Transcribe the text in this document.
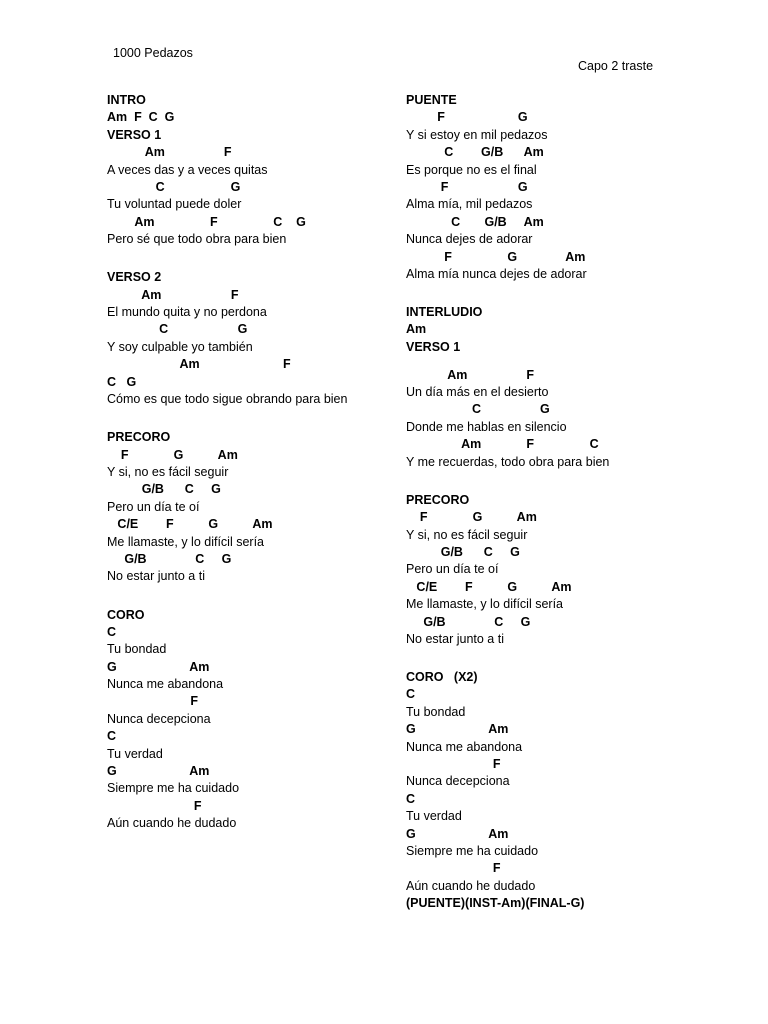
1000 Pedazos
Capo 2 traste
INTRO
Am  F  C  G
VERSO 1
Am                 F
A veces das y a veces quitas
C                   G
Tu voluntad puede doler
Am                F                C    G
Pero sé que todo obra para bien
VERSO 2
Am                    F
El mundo quita y no perdona
C                    G
Y soy culpable yo también
Am                        F
C   G
Cómo es que todo sigue obrando para bien
PRECORO
F             G          Am
Y si, no es fácil seguir
G/B      C     G
Pero un día te oí
C/E        F          G          Am
Me llamaste, y lo difícil sería
G/B              C     G
No estar junto a ti
CORO
C
Tu bondad
G                     Am
Nunca me abandona
F
Nunca decepciona
C
Tu verdad
G                     Am
Siempre me ha cuidado
F
Aún cuando he dudado
PUENTE
F                     G
Y si estoy en mil pedazos
C        G/B      Am
Es porque no es el final
F                    G
Alma mía, mil pedazos
C       G/B     Am
Nunca dejes de adorar
F                G              Am
Alma mía nunca dejes de adorar
INTERLUDIO
Am
VERSO 1
Am                 F
Un día más en el desierto
C                 G
Donde me hablas en silencio
Am             F                C
Y me recuerdas, todo obra para bien
PRECORO
F             G          Am
Y si, no es fácil seguir
G/B      C     G
Pero un día te oí
C/E        F          G          Am
Me llamaste, y lo difícil sería
G/B              C     G
No estar junto a ti
CORO   (X2)
C
Tu bondad
G                     Am
Nunca me abandona
F
Nunca decepciona
C
Tu verdad
G                     Am
Siempre me ha cuidado
F
Aún cuando he dudado
(PUENTE)(INST-Am)(FINAL-G)
